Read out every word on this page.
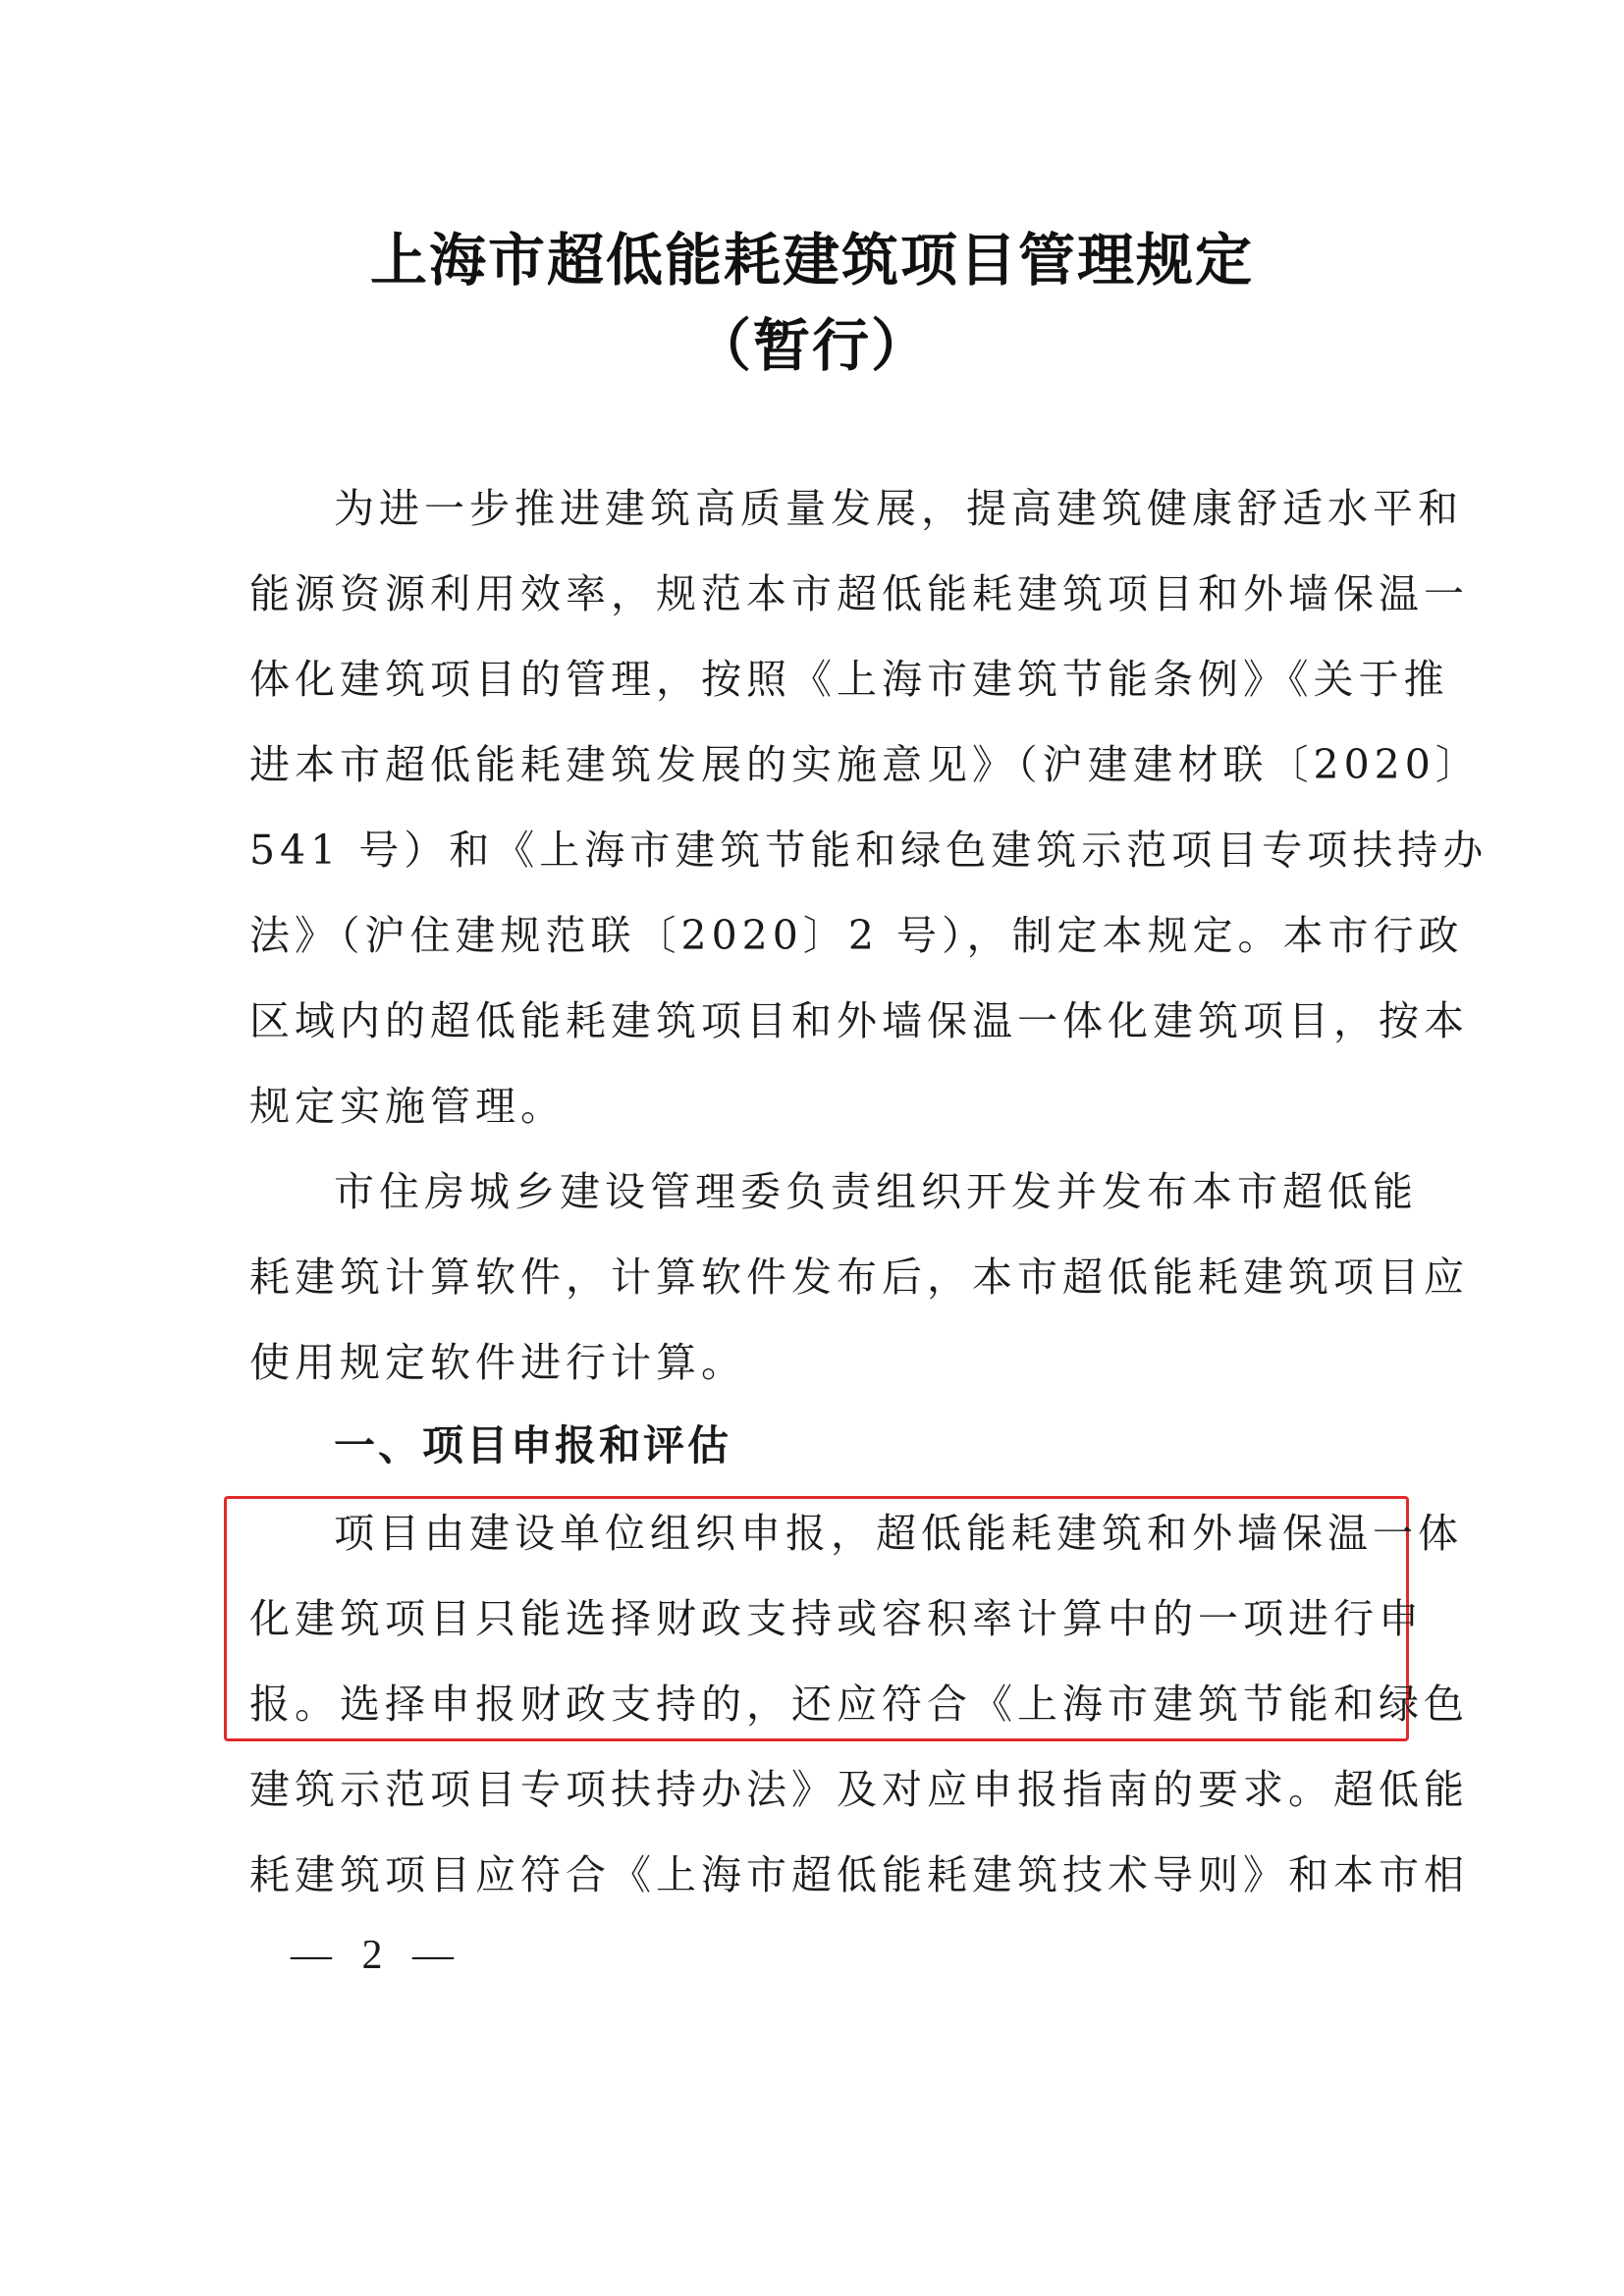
上海市超低能耗建筑项目管理规定
（暂行）

为进一步推进建筑高质量发展，提高建筑健康舒适水平和

能源资源利用效率，规范本市超低能耗建筑项目和外墙保温一

体化建筑项目的管理，按照《上海市建筑节能条例》《关于推

进本市超低能耗建筑发展的实施意见》（沪建建材联〔2020〕

541 号）和《上海市建筑节能和绿色建筑示范项目专项扶持办

法》（沪住建规范联〔2020〕2 号），制定本规定。本市行政

区域内的超低能耗建筑项目和外墙保温一体化建筑项目，按本

规定实施管理。

市住房城乡建设管理委负责组织开发并发布本市超低能

耗建筑计算软件，计算软件发布后，本市超低能耗建筑项目应

使用规定软件进行计算。

一、项目申报和评估

项目由建设单位组织申报，超低能耗建筑和外墙保温一体

化建筑项目只能选择财政支持或容积率计算中的一项进行申

报。选择申报财政支持的，还应符合《上海市建筑节能和绿色

建筑示范项目专项扶持办法》及对应申报指南的要求。超低能

耗建筑项目应符合《上海市超低能耗建筑技术导则》和本市相

— 2 —
